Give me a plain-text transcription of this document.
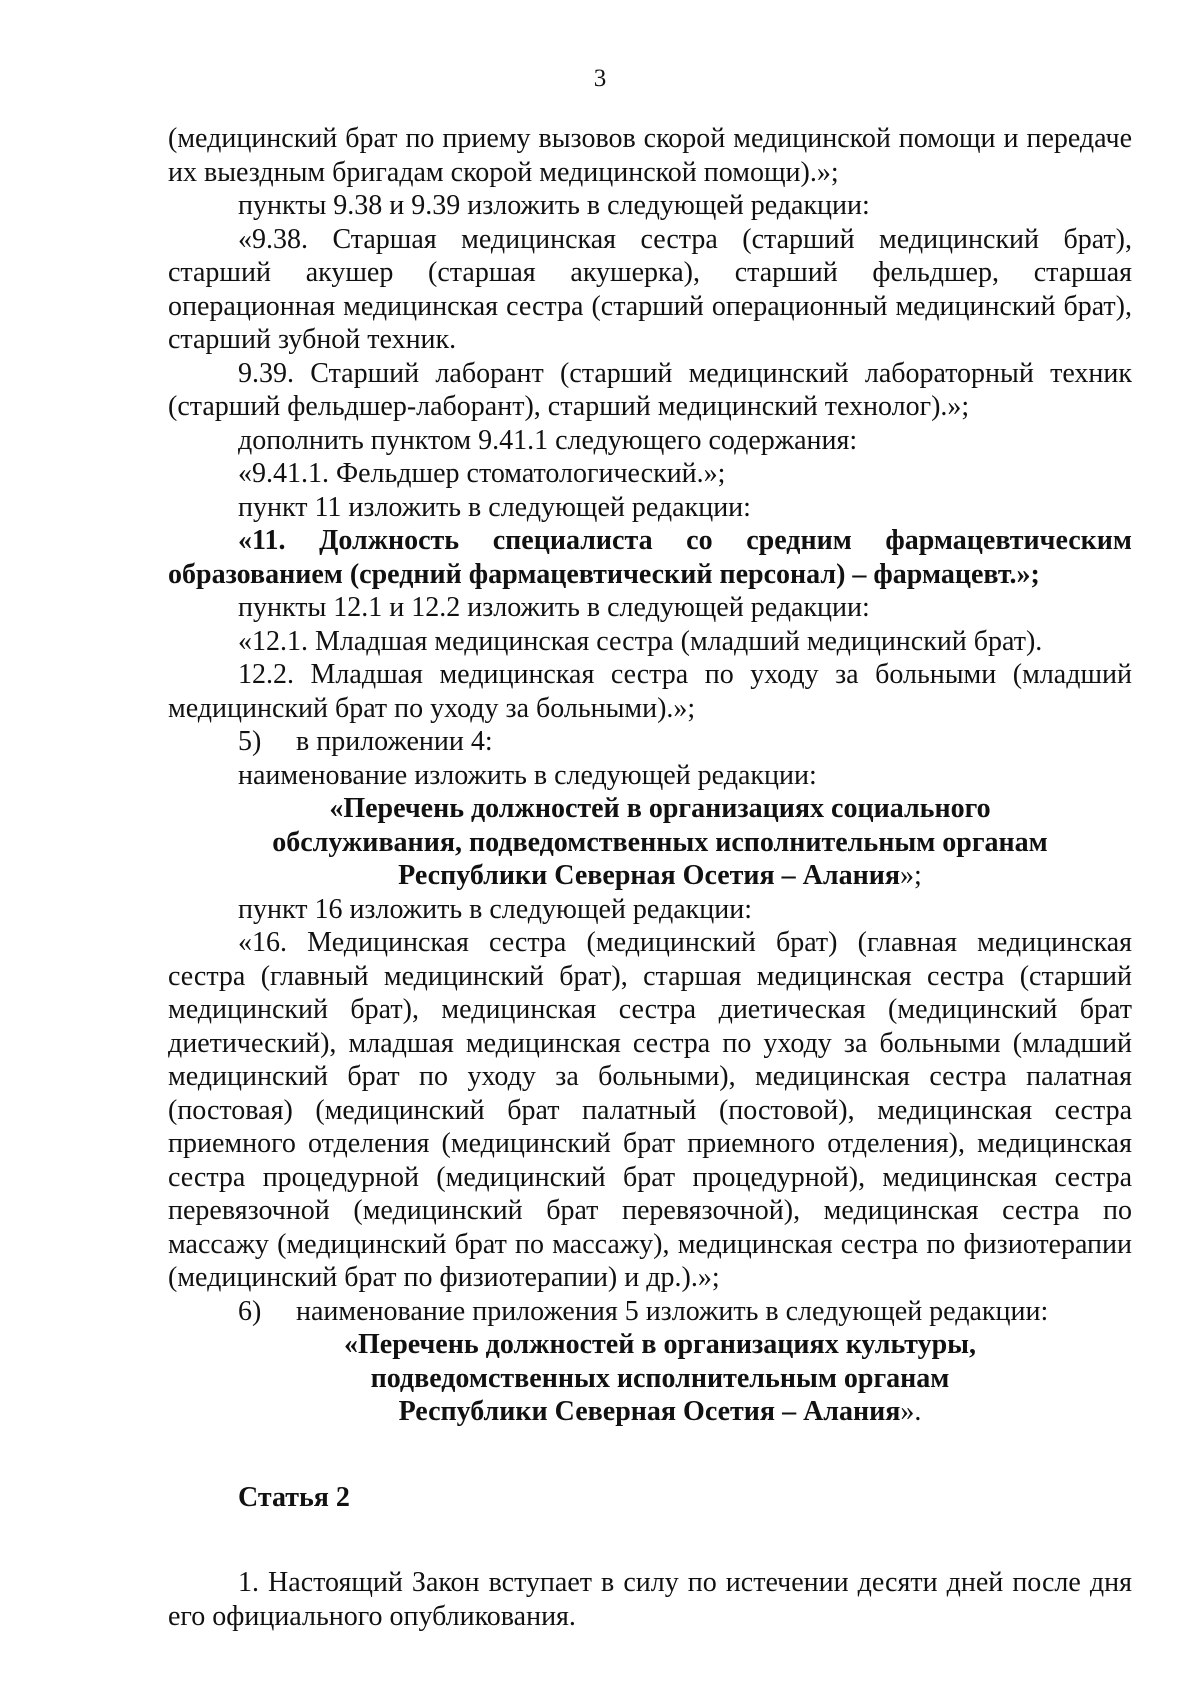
3

(медицинский брат по приему вызовов скорой медицинской помощи и передаче их выездным бригадам скорой медицинской помощи).»;

пункты 9.38 и 9.39 изложить в следующей редакции:

«9.38. Старшая медицинская сестра (старший медицинский брат), старший акушер (старшая акушерка), старший фельдшер, старшая операционная медицинская сестра (старший операционный медицинский брат), старший зубной техник.

9.39. Старший лаборант (старший медицинский лабораторный техник (старший фельдшер-лаборант), старший медицинский технолог).»;

дополнить пунктом 9.41.1 следующего содержания:

«9.41.1. Фельдшер стоматологический.»;

пункт 11 изложить в следующей редакции:

«11. Должность специалиста со средним фармацевтическим образованием (средний фармацевтический персонал) – фармацевт.»;

пункты 12.1 и 12.2 изложить в следующей редакции:

«12.1. Младшая медицинская сестра (младший медицинский брат).

12.2. Младшая медицинская сестра по уходу за больными (младший медицинский брат по уходу за больными).»;

5)	в приложении 4:

наименование изложить в следующей редакции:

«Перечень должностей в организациях социального
обслуживания, подведомственных исполнительным органам
Республики Северная Осетия – Алания»;

пункт 16 изложить в следующей редакции:

«16. Медицинская сестра (медицинский брат) (главная медицинская сестра (главный медицинский брат), старшая медицинская сестра (старший медицинский брат), медицинская сестра диетическая (медицинский брат диетический), младшая медицинская сестра по уходу за больными (младший медицинский брат по уходу за больными), медицинская сестра палатная (постовая) (медицинский брат палатный (постовой), медицинская сестра приемного отделения (медицинский брат приемного отделения), медицинская сестра процедурной (медицинский брат процедурной), медицинская сестра перевязочной (медицинский брат перевязочной), медицинская сестра по массажу (медицинский брат по массажу), медицинская сестра по физиотерапии (медицинский брат по физиотерапии) и др.).»;

6)	наименование приложения 5 изложить в следующей редакции:

«Перечень должностей в организациях культуры,
подведомственных исполнительным органам
Республики Северная Осетия – Алания».

Статья 2

1. Настоящий Закон вступает в силу по истечении десяти дней после дня его официального опубликования.
